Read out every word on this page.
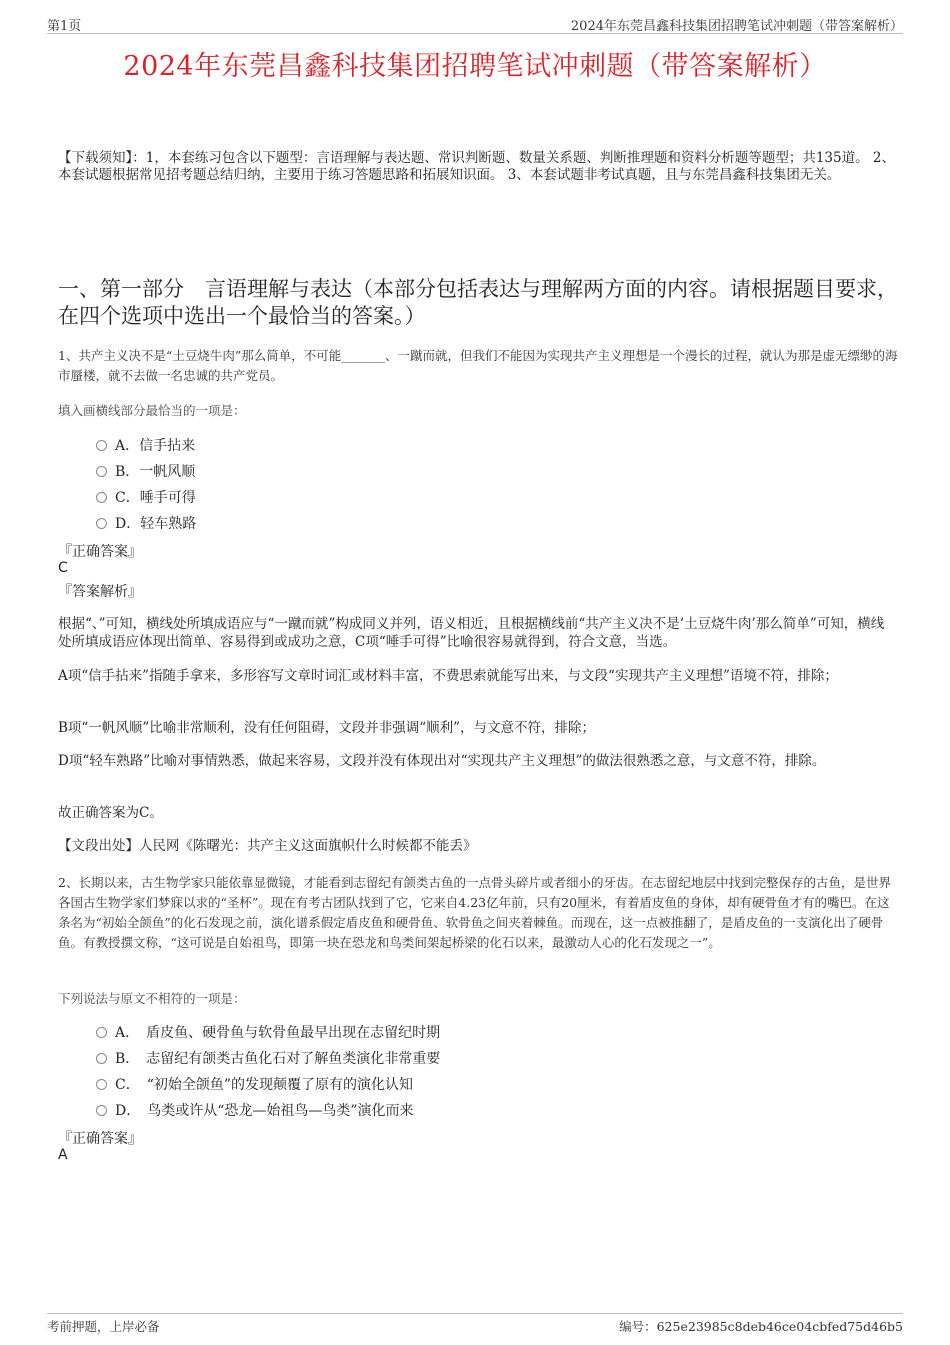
第1页	2024年东莞昌鑫科技集团招聘笔试冲刺题（带答案解析）
2024年东莞昌鑫科技集团招聘笔试冲刺题（带答案解析）
【下载须知】：1，本套练习包含以下题型：言语理解与表达题、常识判断题、数量关系题、判断推理题和资料分析题等题型；共135道。 2、本套试题根据常见招考题总结归纳，主要用于练习答题思路和拓展知识面。 3、本套试题非考试真题，且与东莞昌鑫科技集团无关。
一、第一部分　言语理解与表达（本部分包括表达与理解两方面的内容。请根据题目要求，在四个选项中选出一个最恰当的答案。）
1、共产主义决不是“土豆烧牛肉”那么简单，不可能_______、一蹴而就，但我们不能因为实现共产主义理想是一个漫长的过程，就认为那是虚无缥缈的海市蜃楼，就不去做一名忠诚的共产党员。
填入画横线部分最恰当的一项是：
A．信手拈来
B．一帆风顺
C．唾手可得
D．轻车熟路
『正确答案』
C
『答案解析』
根据“、”可知，横线处所填成语应与“一蹴而就”构成同义并列，语义相近，且根据横线前“共产主义决不是‘土豆烧牛肉’那么简单”可知，横线处所填成语应体现出简单、容易得到或成功之意，C项“唾手可得”比喻很容易就得到，符合文意，当选。
A项“信手拈来”指随手拿来，多形容写文章时词汇或材料丰富，不费思索就能写出来，与文段“实现共产主义理想”语境不符，排除；
B项“一帆风顺”比喻非常顺利，没有任何阻碍，文段并非强调“顺利”，与文意不符，排除；
D项“轻车熟路”比喻对事情熟悉，做起来容易，文段并没有体现出对“实现共产主义理想”的做法很熟悉之意，与文意不符，排除。
故正确答案为C。
【文段出处】人民网《陈曙光：共产主义这面旗帜什么时候都不能丢》
2、长期以来，古生物学家只能依靠显微镜，才能看到志留纪有颌类古鱼的一点骨头碎片或者细小的牙齿。在志留纪地层中找到完整保存的古鱼，是世界各国古生物学家们梦寐以求的“圣杯”。现在有考古团队找到了它，它来自4.23亿年前，只有20厘米，有着盾皮鱼的身体，却有硬骨鱼才有的嘴巴。在这条名为“初始全颌鱼”的化石发现之前，演化谱系假定盾皮鱼和硬骨鱼、软骨鱼之间夹着棘鱼。而现在，这一点被推翻了，是盾皮鱼的一支演化出了硬骨鱼。有教授撰文称，“这可说是自始祖鸟，即第一块在恐龙和鸟类间架起桥梁的化石以来，最激动人心的化石发现之一”。
下列说法与原文不相符的一项是：
A．　盾皮鱼、硬骨鱼与软骨鱼最早出现在志留纪时期
B．　志留纪有颌类古鱼化石对了解鱼类演化非常重要
C．　“初始全颌鱼”的发现颠覆了原有的演化认知
D．　鸟类或许从“恐龙—始祖鸟—鸟类”演化而来
『正确答案』
A
考前押题，上岸必备	编号：625e23985c8deb46ce04cbfed75d46b5
